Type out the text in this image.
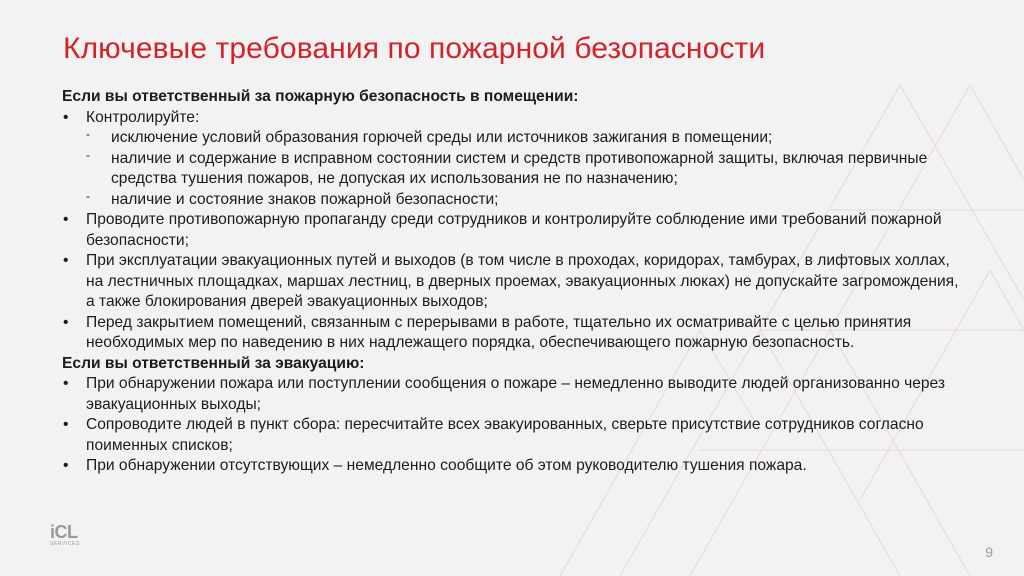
Ключевые требования по пожарной безопасности
Если вы ответственный за пожарную безопасность в помещении:
• Контролируйте:
- исключение условий образования горючей среды или источников зажигания в помещении;
- наличие и содержание в исправном состоянии систем и средств противопожарной защиты, включая первичные средства тушения пожаров, не допуская их использования не по назначению;
- наличие и состояние знаков пожарной безопасности;
• Проводите противопожарную пропаганду среди сотрудников и контролируйте соблюдение ими требований пожарной безопасности;
• При эксплуатации эвакуационных путей и выходов (в том числе в проходах, коридорах, тамбурах, в лифтовых холлах, на лестничных площадках, маршах лестниц, в дверных проемах, эвакуационных люках) не допускайте загромождения, а также блокирования дверей эвакуационных выходов;
• Перед закрытием помещений, связанным с перерывами в работе, тщательно их осматривайте с целью принятия необходимых мер по наведению в них надлежащего порядка, обеспечивающего пожарную безопасность.
Если вы ответственный за эвакуацию:
• При обнаружении пожара или поступлении сообщения о пожаре – немедленно выводите людей организованно через эвакуационных выходы;
• Сопроводите людей в пункт сбора: пересчитайте всех эвакуированных, сверьте присутствие сотрудников согласно поименных списков;
• При обнаружении отсутствующих – немедленно сообщите об этом руководителю тушения пожара.
iCL
SERVICES	9
